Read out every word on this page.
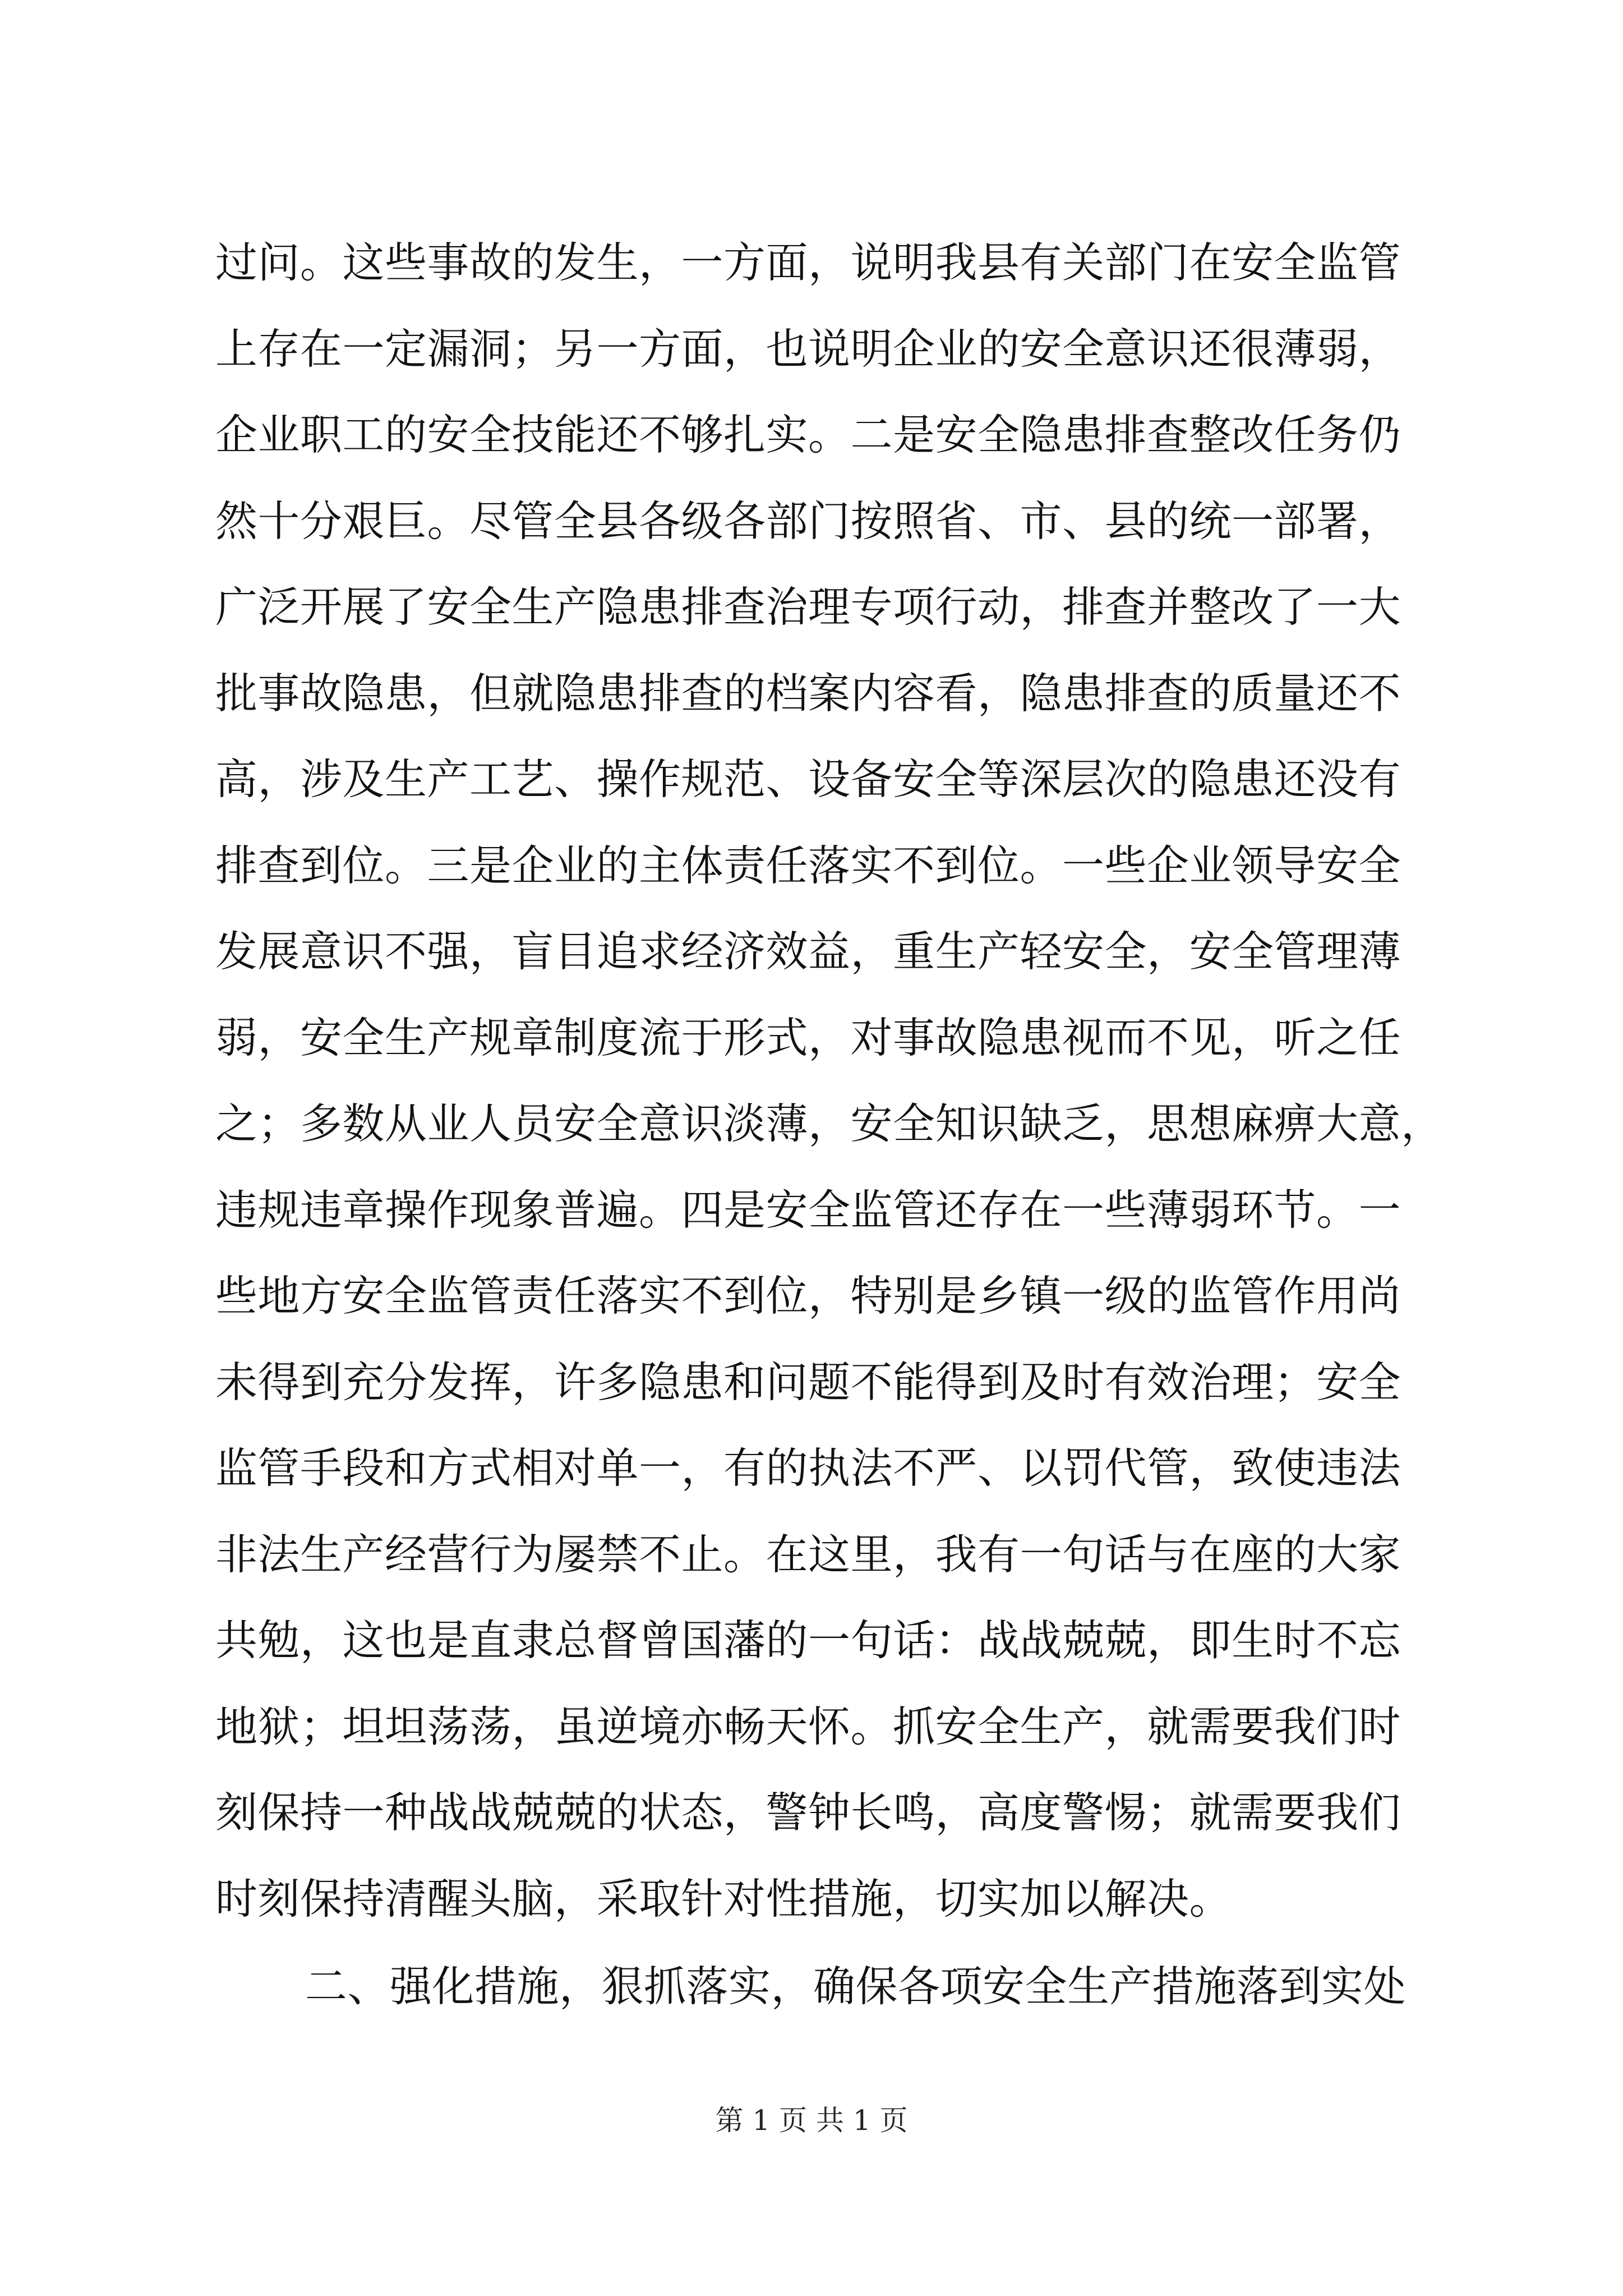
过问。这些事故的发生，一方面，说明我县有关部门在安全监管
上存在一定漏洞；另一方面，也说明企业的安全意识还很薄弱，
企业职工的安全技能还不够扎实。二是安全隐患排查整改任务仍
然十分艰巨。尽管全县各级各部门按照省、市、县的统一部署，
广泛开展了安全生产隐患排查治理专项行动，排查并整改了一大
批事故隐患，但就隐患排查的档案内容看，隐患排查的质量还不
高，涉及生产工艺、操作规范、设备安全等深层次的隐患还没有
排查到位。三是企业的主体责任落实不到位。一些企业领导安全
发展意识不强，盲目追求经济效益，重生产轻安全，安全管理薄
弱，安全生产规章制度流于形式，对事故隐患视而不见，听之任
之；多数从业人员安全意识淡薄，安全知识缺乏，思想麻痹大意，
违规违章操作现象普遍。四是安全监管还存在一些薄弱环节。一
些地方安全监管责任落实不到位，特别是乡镇一级的监管作用尚
未得到充分发挥，许多隐患和问题不能得到及时有效治理；安全
监管手段和方式相对单一，有的执法不严、以罚代管，致使违法
非法生产经营行为屡禁不止。在这里，我有一句话与在座的大家
共勉，这也是直隶总督曾国藩的一句话：战战兢兢，即生时不忘
地狱；坦坦荡荡，虽逆境亦畅天怀。抓安全生产，就需要我们时
刻保持一种战战兢兢的状态，警钟长鸣，高度警惕；就需要我们
时刻保持清醒头脑，采取针对性措施，切实加以解决。
二、强化措施，狠抓落实，确保各项安全生产措施落到实处
第 1 页 共 1 页
